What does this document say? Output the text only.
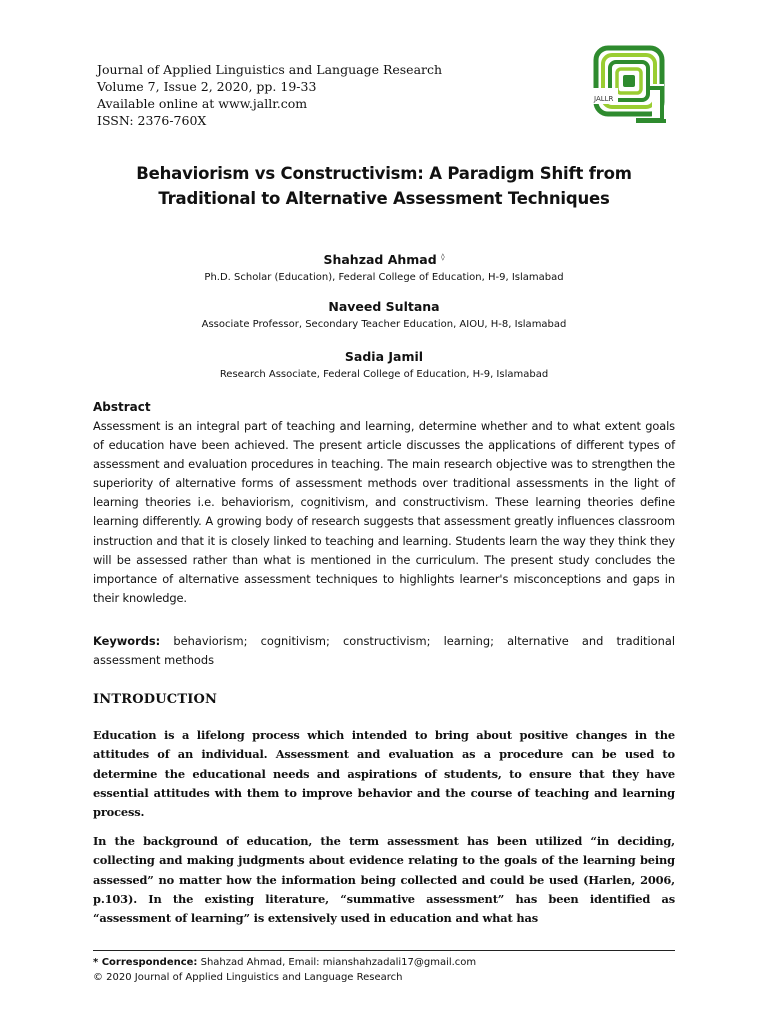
Journal of Applied Linguistics and Language Research
Volume 7, Issue 2, 2020, pp. 19-33
Available online at www.jallr.com
ISSN: 2376-760X
JALLR
Behaviorism vs Constructivism: A Paradigm Shift from
Traditional to Alternative Assessment Techniques
Shahzad Ahmad ◊
Ph.D. Scholar (Education), Federal College of Education, H-9, Islamabad
Naveed Sultana
Associate Professor, Secondary Teacher Education, AIOU, H-8, Islamabad
Sadia Jamil
Research Associate, Federal College of Education, H-9, Islamabad
Abstract
Assessment is an integral part of teaching and learning, determine whether and to what extent goals of education have been achieved. The present article discusses the applications of different types of assessment and evaluation procedures in teaching. The main research objective was to strengthen the superiority of alternative forms of assessment methods over traditional assessments in the light of learning theories i.e. behaviorism, cognitivism, and constructivism. These learning theories define learning differently. A growing body of research suggests that assessment greatly influences classroom instruction and that it is closely linked to teaching and learning. Students learn the way they think they will be assessed rather than what is mentioned in the curriculum. The present study concludes the importance of alternative assessment techniques to highlights learner's misconceptions and gaps in their knowledge.
Keywords: behaviorism; cognitivism; constructivism; learning; alternative and traditional assessment methods
INTRODUCTION
Education is a lifelong process which intended to bring about positive changes in the attitudes of an individual. Assessment and evaluation as a procedure can be used to determine the educational needs and aspirations of students, to ensure that they have essential attitudes with them to improve behavior and the course of teaching and learning process.
In the background of education, the term assessment has been utilized “in deciding, collecting and making judgments about evidence relating to the goals of the learning being assessed” no matter how the information being collected and could be used (Harlen, 2006, p.103). In the existing literature, “summative assessment” has been identified as “assessment of learning” is extensively used in education and what has
* Correspondence: Shahzad Ahmad, Email: mianshahzadali17@gmail.com
© 2020 Journal of Applied Linguistics and Language Research
